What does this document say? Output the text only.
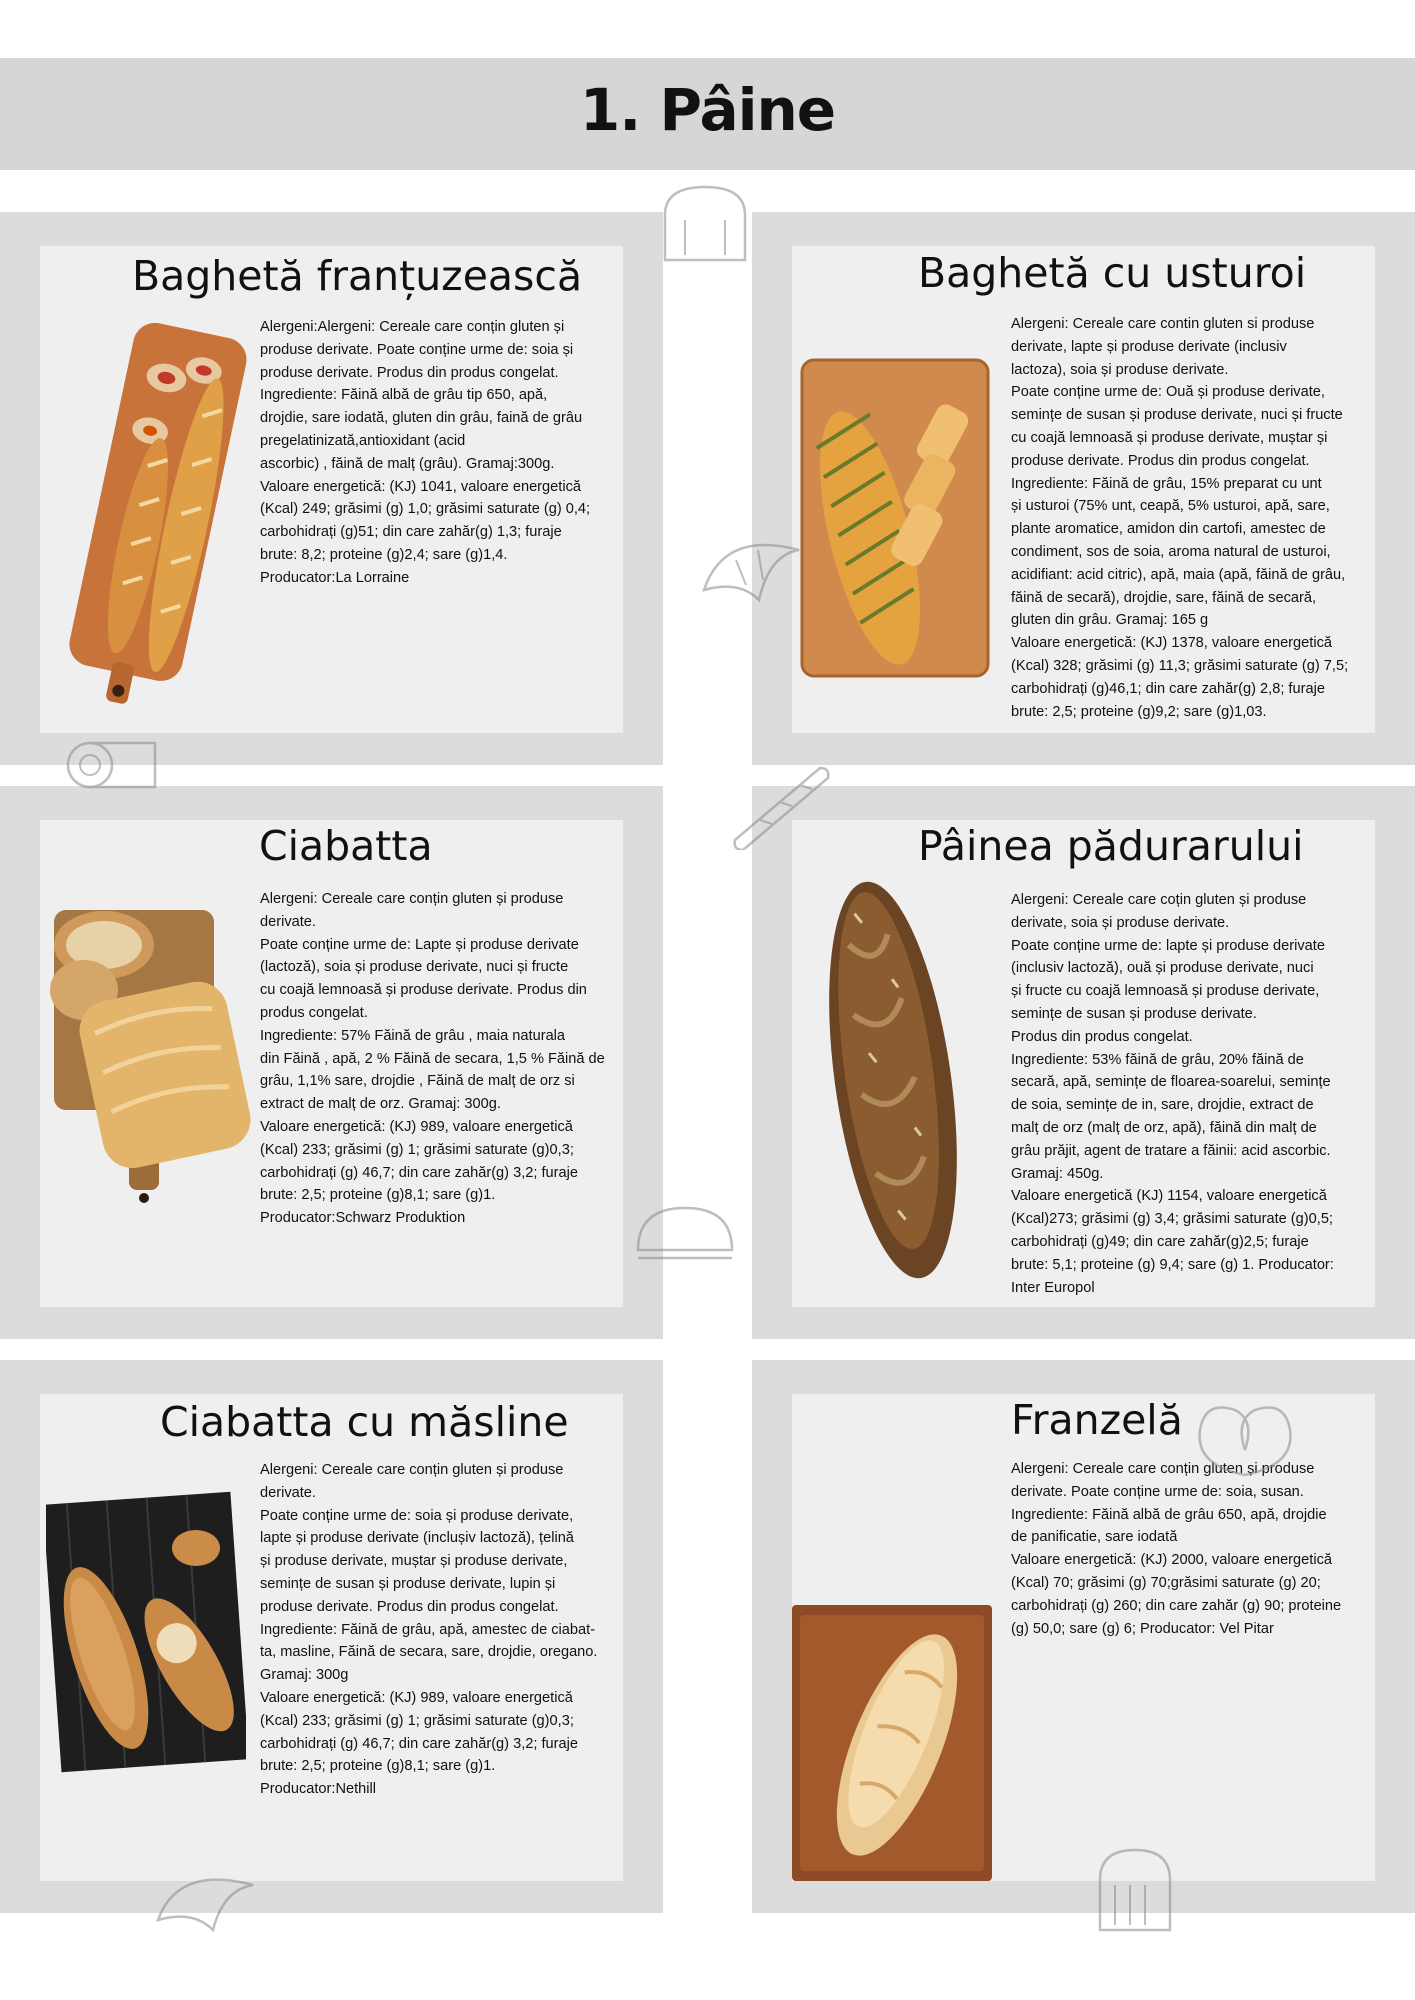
1. Pâine
Baghetă franțuzească

Alergeni:Alergeni: Cereale care conțin gluten și

produse derivate. Poate conține urme de: soia și

produse derivate. Produs din produs congelat.

Ingrediente: Făină albă de grâu tip 650, apă,

drojdie, sare iodată, gluten din grâu, faină de grâu

pregelatinizată,antioxidant (acid

ascorbic) , făină de malț (grâu). Gramaj:300g.

Valoare energetică: (KJ) 1041, valoare energetică

(Kcal) 249; grăsimi (g) 1,0; grăsimi saturate (g) 0,4;

carbohidrați (g)51; din care zahăr(g) 1,3; furaje

brute: 8,2; proteine (g)2,4; sare (g)1,4.

Producator:La Lorraine

Baghetă cu usturoi

Alergeni: Cereale care contin gluten si produse

derivate, lapte și produse derivate (inclusiv

lactoza), soia și produse derivate.

Poate conține urme de: Ouă și produse derivate,

semințe de susan și produse derivate, nuci și fructe

cu coajă lemnoasă și produse derivate, muștar și

produse derivate. Produs din produs congelat.

Ingrediente: Făină de grâu, 15% preparat cu unt

și usturoi (75% unt, ceapă, 5% usturoi, apă, sare,

plante aromatice, amidon din cartofi, amestec de

condiment, sos de soia, aroma natural de usturoi,

acidifiant: acid citric), apă, maia (apă, făină de grâu,

făină de secară), drojdie, sare, făină de secară,

gluten din grâu. Gramaj: 165 g

Valoare energetică: (KJ) 1378, valoare energetică

(Kcal) 328; grăsimi (g) 11,3; grăsimi saturate (g) 7,5;

carbohidrați (g)46,1; din care zahăr(g) 2,8; furaje

brute: 2,5; proteine (g)9,2; sare (g)1,03.

Ciabatta

Alergeni: Cereale care conțin gluten și produse

derivate.

Poate conține urme de: Lapte și produse derivate

(lactoză), soia și produse derivate, nuci și fructe

cu coajă lemnoasă și produse derivate. Produs din

produs congelat.

Ingrediente: 57% Făină de grâu , maia naturala

din Făină , apă, 2 % Făină de secara, 1,5 % Făină de

grâu, 1,1% sare, drojdie , Făină de malț de orz si

extract de malț de orz. Gramaj: 300g.

Valoare energetică: (KJ) 989, valoare energetică

(Kcal) 233; grăsimi (g) 1; grăsimi saturate (g)0,3;

carbohidrați (g) 46,7; din care zahăr(g) 3,2; furaje

brute: 2,5; proteine (g)8,1; sare (g)1.

Producator:Schwarz Produktion

Pâinea pădurarului

Alergeni: Cereale care coțin gluten și produse

derivate, soia și produse derivate.

Poate conține urme de: lapte și produse derivate

(inclusiv lactoză), ouă și produse derivate, nuci

și fructe cu coajă lemnoasă și produse derivate,

semințe de susan și produse derivate.

Produs din produs congelat.

Ingrediente: 53% făină de grâu, 20% făină de

secară, apă, semințe de floarea-soarelui, semințe

de soia, semințe de in, sare, drojdie, extract de

malț de orz (malț de orz, apă), făină din malț de

grâu prăjit, agent de tratare a făinii: acid ascorbic.

Gramaj: 450g.

Valoare energetică (KJ) 1154, valoare energetică

(Kcal)273; grăsimi (g) 3,4; grăsimi saturate (g)0,5;

carbohidrați (g)49; din care zahăr(g)2,5; furaje

brute: 5,1; proteine (g) 9,4; sare (g) 1. Producator:

Inter Europol

Ciabatta cu măsline

Alergeni: Cereale care conțin gluten și produse

derivate.

Poate conține urme de: soia și produse derivate,

lapte și produse derivate (inclușiv lactoză), țelină

și produse derivate, muștar și produse derivate,

semințe de susan și produse derivate, lupin și

produse derivate. Produs din produs congelat.

Ingrediente: Făină de grâu, apă, amestec de ciabat-

ta, masline, Făină de secara, sare, drojdie, oregano.

Gramaj: 300g

Valoare energetică: (KJ) 989, valoare energetică

(Kcal) 233; grăsimi (g) 1; grăsimi saturate (g)0,3;

carbohidrați (g) 46,7; din care zahăr(g) 3,2; furaje

brute: 2,5; proteine (g)8,1; sare (g)1.

Producator:Nethill

Franzelă

Alergeni: Cereale care conțin gluten și produse

derivate. Poate conține urme de: soia, susan.

Ingrediente: Făină albă de grâu 650, apă, drojdie

de panificatie, sare iodată

Valoare energetică: (KJ) 2000, valoare energetică

(Kcal) 70; grăsimi (g) 70;grăsimi saturate (g) 20;

carbohidrați (g) 260; din care zahăr (g) 90; proteine

(g) 50,0; sare (g) 6; Producator: Vel Pitar
